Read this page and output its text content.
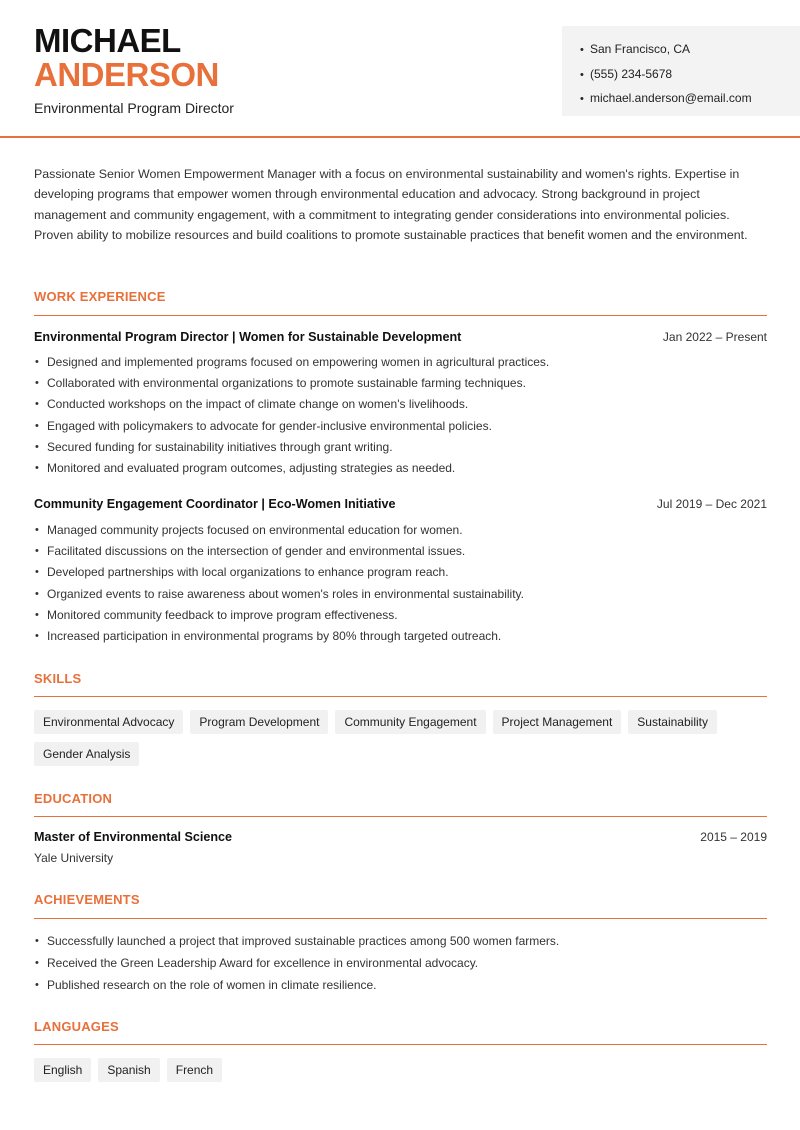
MICHAEL
ANDERSON
Environmental Program Director
• San Francisco, CA
• (555) 234-5678
• michael.anderson@email.com

Passionate Senior Women Empowerment Manager with a focus on environmental sustainability and women's rights. Expertise in developing programs that empower women through environmental education and advocacy. Strong background in project management and community engagement, with a commitment to integrating gender considerations into environmental policies. Proven ability to mobilize resources and build coalitions to promote sustainable practices that benefit women and the environment.

WORK EXPERIENCE
Environmental Program Director | Women for Sustainable Development	Jan 2022 – Present
• Designed and implemented programs focused on empowering women in agricultural practices.
• Collaborated with environmental organizations to promote sustainable farming techniques.
• Conducted workshops on the impact of climate change on women's livelihoods.
• Engaged with policymakers to advocate for gender-inclusive environmental policies.
• Secured funding for sustainability initiatives through grant writing.
• Monitored and evaluated program outcomes, adjusting strategies as needed.
Community Engagement Coordinator | Eco-Women Initiative	Jul 2019 – Dec 2021
• Managed community projects focused on environmental education for women.
• Facilitated discussions on the intersection of gender and environmental issues.
• Developed partnerships with local organizations to enhance program reach.
• Organized events to raise awareness about women's roles in environmental sustainability.
• Monitored community feedback to improve program effectiveness.
• Increased participation in environmental programs by 80% through targeted outreach.
SKILLS
Environmental Advocacy Program Development Community Engagement Project Management SustainabilityGender Analysis
EDUCATION
Master of Environmental Science	2015 – 2019
Yale University
ACHIEVEMENTS
• Successfully launched a project that improved sustainable practices among 500 women farmers.
• Received the Green Leadership Award for excellence in environmental advocacy.
• Published research on the role of women in climate resilience.
LANGUAGES
English Spanish French
